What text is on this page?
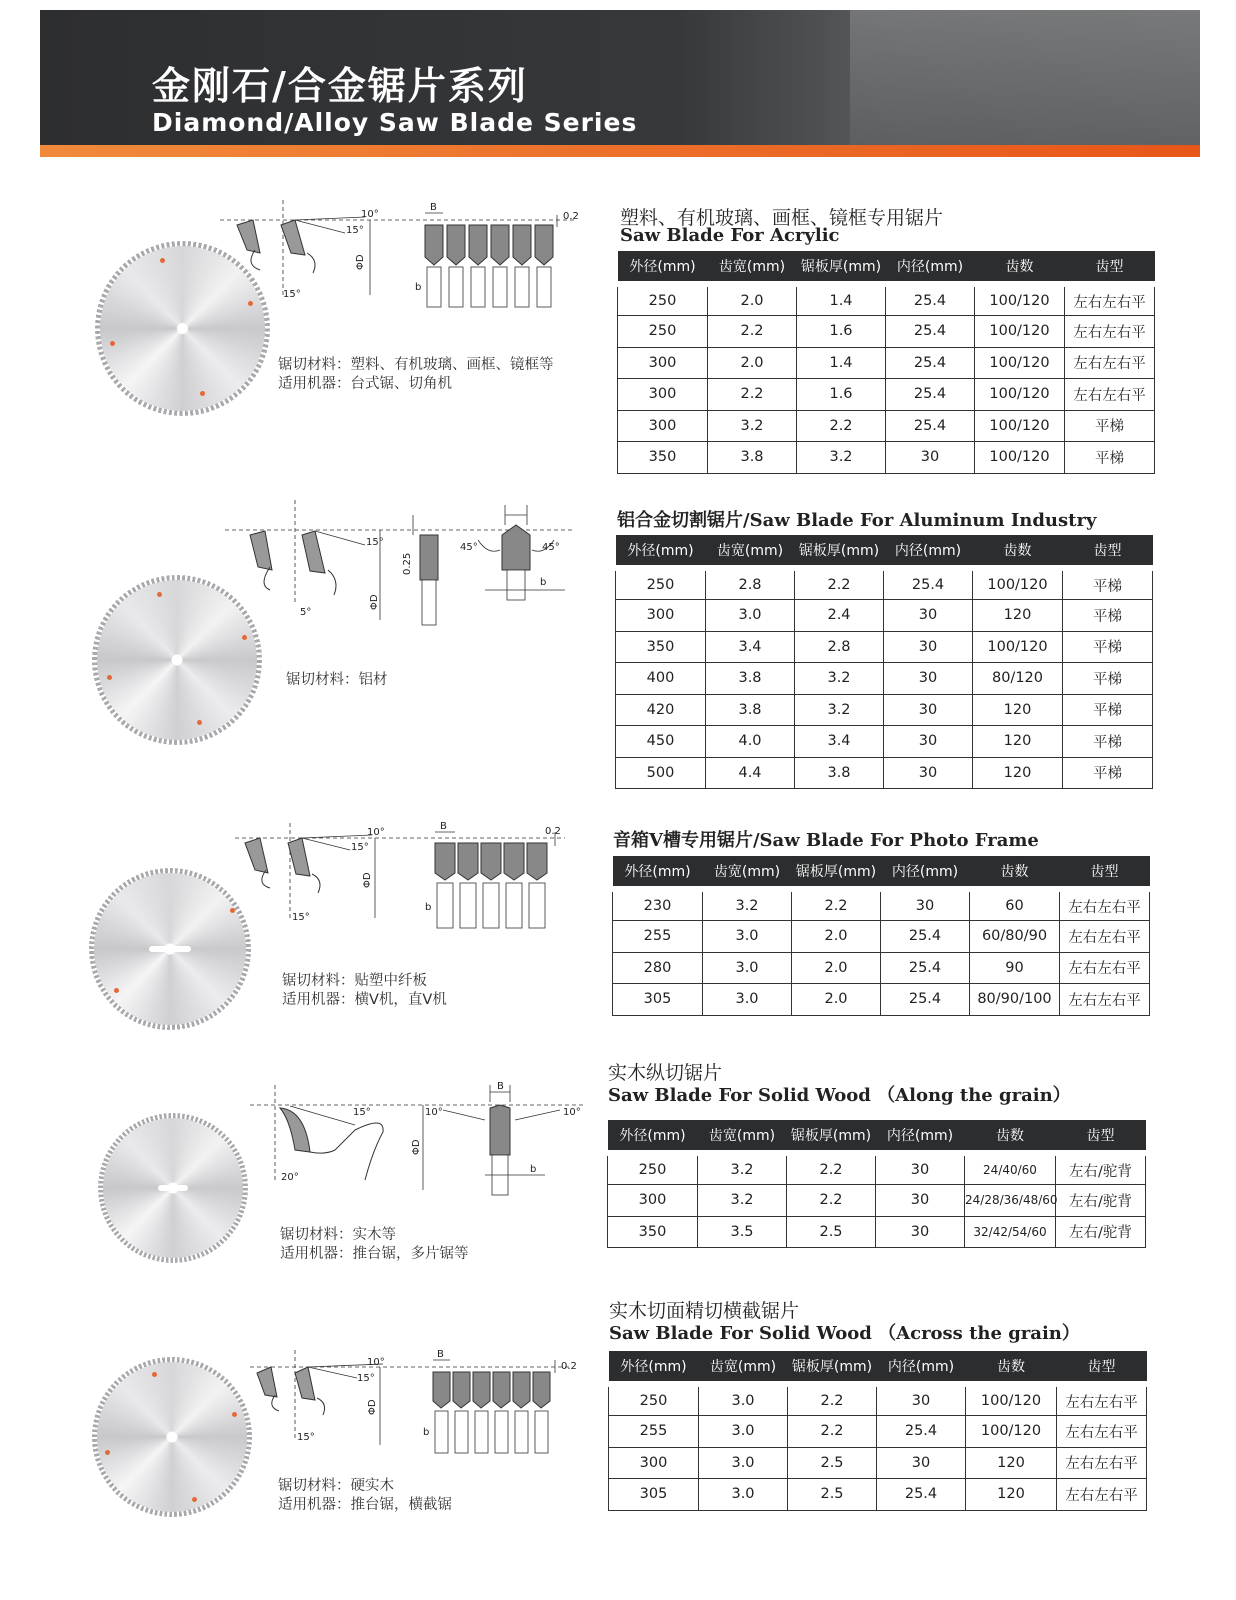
金刚石/合金锯片系列
Diamond/Alloy Saw Blade Series
10°
15°
15°
ΦD
B
b
0.2
锯切材料：塑料、有机玻璃、画框、镜框等
适用机器：台式锯、切角机
塑料、有机玻璃、画框、镜框专用锯片
Saw Blade For Acrylic
外径(mm)	齿宽(mm)	锯板厚(mm)	内径(mm)	齿数	齿型
250	2.0	1.4	25.4	100/120	左右左右平
250	2.2	1.6	25.4	100/120	左右左右平
300	2.0	1.4	25.4	100/120	左右左右平
300	2.2	1.6	25.4	100/120	左右左右平
300	3.2	2.2	25.4	100/120	平梯
350	3.8	3.2	30	100/120	平梯
15°
5°
ΦD
0.25
45°	45°
b
锯切材料：铝材
铝合金切割锯片/Saw Blade For Aluminum Industry
外径(mm)	齿宽(mm)	锯板厚(mm)	内径(mm)	齿数	齿型
250	2.8	2.2	25.4	100/120	平梯
300	3.0	2.4	30	120	平梯
350	3.4	2.8	30	100/120	平梯
400	3.8	3.2	30	80/120	平梯
420	3.8	3.2	30	120	平梯
450	4.0	3.4	30	120	平梯
500	4.4	3.8	30	120	平梯
10°
15°
15°
ΦD
B
b
0.2
锯切材料：贴塑中纤板
适用机器：横V机，直V机
音箱V槽专用锯片/Saw Blade For Photo Frame
外径(mm)	齿宽(mm)	锯板厚(mm)	内径(mm)	齿数	齿型
230	3.2	2.2	30	60	左右左右平
255	3.0	2.0	25.4	60/80/90	左右左右平
280	3.0	2.0	25.4	90	左右左右平
305	3.0	2.0	25.4	80/90/100	左右左右平
15°
20°
ΦD
10°
B
10°
b
锯切材料：实木等
适用机器：推台锯，多片锯等
实木纵切锯片
Saw Blade For Solid Wood （Along the grain）
外径(mm)	齿宽(mm)	锯板厚(mm)	内径(mm)	齿数	齿型
250	3.2	2.2	30	24/40/60	左右/驼背
300	3.2	2.2	30	24/28/36/48/60	左右/驼背
350	3.5	2.5	30	32/42/54/60	左右/驼背
10°
15°
15°
ΦD
B
b
0.2
锯切材料：硬实木
适用机器：推台锯，横截锯
实木切面精切横截锯片
Saw Blade For Solid Wood （Across the grain）
外径(mm)	齿宽(mm)	锯板厚(mm)	内径(mm)	齿数	齿型
250	3.0	2.2	30	100/120	左右左右平
255	3.0	2.2	25.4	100/120	左右左右平
300	3.0	2.5	30	120	左右左右平
305	3.0	2.5	25.4	120	左右左右平
